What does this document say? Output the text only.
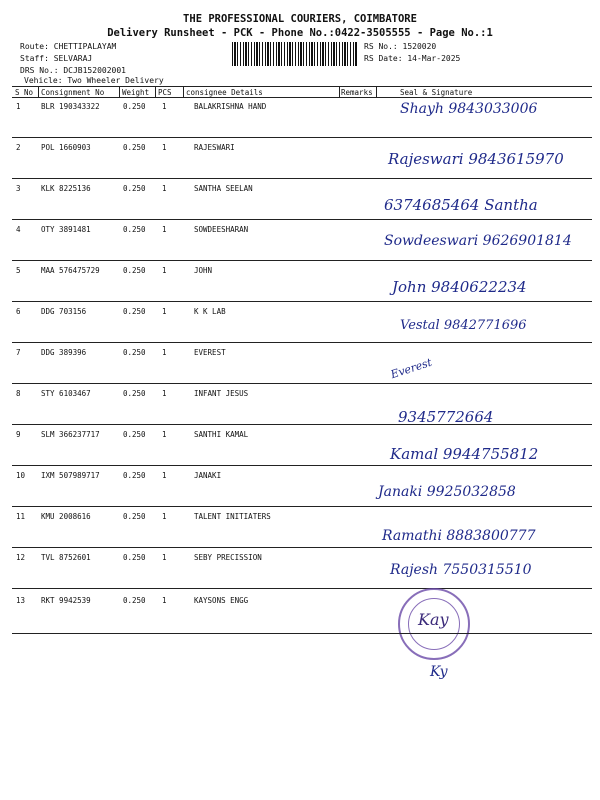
THE PROFESSIONAL COURIERS, COIMBATORE
Delivery Runsheet - PCK - Phone No.:0422-3505555 - Page No.:1
Route: CHETTIPALAYAM
Staff: SELVARAJ
DRS No.: DCJB152002001
Vehicle: Two Wheeler Delivery
RS No.: 1520020
RS Date: 14-Mar-2025
S No Consignment No Weight PCS consignee Details	Remarks	Seal & Signature
1	BLR 190343322	0.250 1	BALAKRISHNA HAND	Shayh 9843033006
2	POL 1660903	0.250 1	RAJESWARI
Rajeswari 9843615970
3	KLK 8225136	0.250 1	SANTHA SEELAN
6374685464 Santha
4	OTY 3891481	0.250 1	SOWDEESHARAN
Sowdeeswari 9626901814
5	MAA 576475729	0.250 1	JOHN
John 9840622234
6	DDG 703156	0.250 1	K K LAB
Vestal 9842771696
7	DDG 389396	0.250 1	EVEREST
Everest
8	STY 6103467	0.250 1	INFANT JESUS
9345772664
9	SLM 366237717	0.250 1	SANTHI KAMAL
Kamal 9944755812
10 IXM 507989717	0.250 1	JANAKI
Janaki 9925032858
11 KMU 2008616	0.250 1	TALENT INITIATERS
Ramathi 8883800777
12 TVL 8752601	0.250 1	SEBY PRECISSION
Rajesh 7550315510
13 RKT 9942539	0.250 1	KAYSONS ENGG
Kay
Ky
